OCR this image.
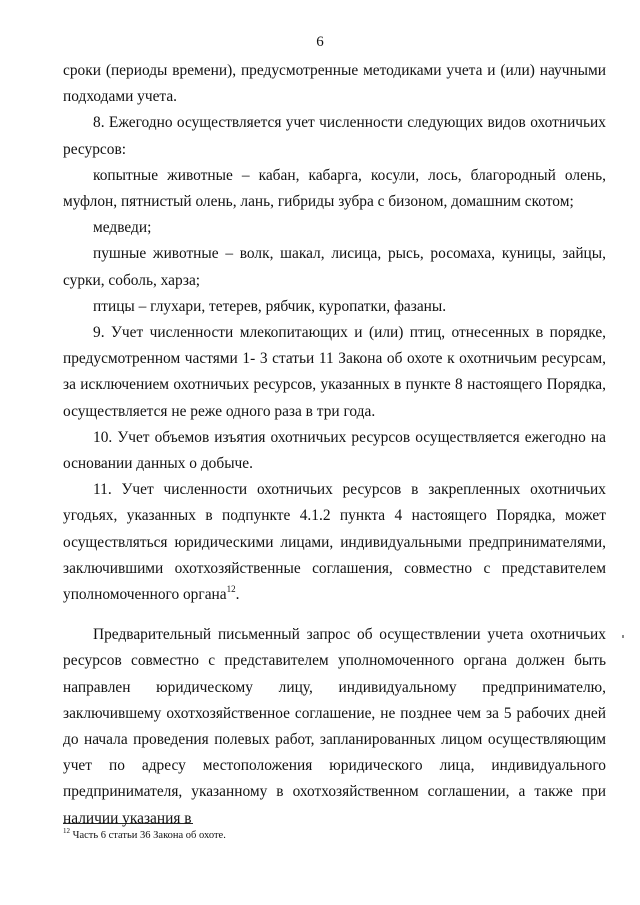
6

сроки (периоды времени), предусмотренные методиками учета и (или) научными подходами учета.

8. Ежегодно осуществляется учет численности следующих видов охотничьих ресурсов:

копытные животные – кабан, кабарга, косули, лось, благородный олень, муфлон, пятнистый олень, лань, гибриды зубра с бизоном, домашним скотом;

медведи;

пушные животные – волк, шакал, лисица, рысь, росомаха, куницы, зайцы, сурки, соболь, харза;

птицы – глухари, тетерев, рябчик, куропатки, фазаны.

9. Учет численности млекопитающих и (или) птиц, отнесенных в порядке, предусмотренном частями 1- 3 статьи 11 Закона об охоте к охотничьим ресурсам, за исключением охотничьих ресурсов, указанных в пункте 8 настоящего Порядка, осуществляется не реже одного раза в три года.

10. Учет объемов изъятия охотничьих ресурсов осуществляется ежегодно на основании данных о добыче.

11. Учет численности охотничьих ресурсов в закрепленных охотничьих угодьях, указанных в подпункте 4.1.2 пункта 4 настоящего Порядка, может осуществляться юридическими лицами, индивидуальными предпринимателями, заключившими охотхозяйственные соглашения, совместно с представителем уполномоченного органа$^{12}$.

Предварительный письменный запрос об осуществлении учета охотничьих ресурсов совместно с представителем уполномоченного органа должен быть направлен юридическому лицу, индивидуальному предпринимателю, заключившему охотхозяйственное соглашение, не позднее чем за 5 рабочих дней до начала проведения полевых работ, запланированных лицом осуществляющим учет по адресу местоположения юридического лица, индивидуального предпринимателя, указанному в охотхозяйственном соглашении, а также при наличии указания в

$^{12}$ Часть 6 статьи 36 Закона об охоте.
